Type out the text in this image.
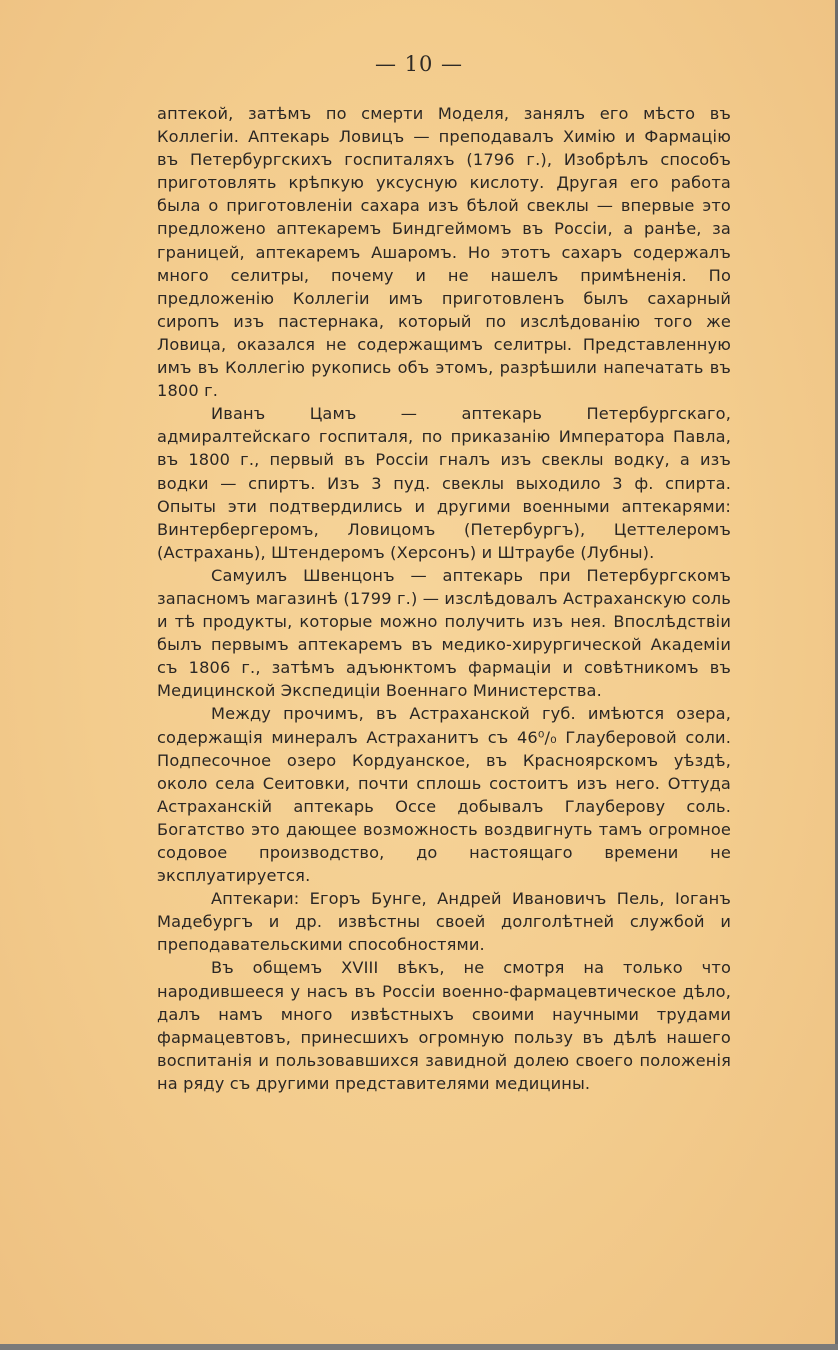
— 10 —

аптекой, затѣмъ по смерти Моделя, занялъ его мѣсто въ Коллегіи. Аптекарь Ловицъ — преподавалъ Химію и Фармацію въ Петербургскихъ госпиталяхъ (1796 г.), Изобрѣлъ способъ приготовлять крѣпкую уксусную кислоту. Другая его работа была о приготовленіи сахара изъ бѣлой свеклы — впервые это предложено аптекаремъ Биндгеймомъ въ Россіи, а ранѣе, за границей, аптекаремъ Ашаромъ. Но этотъ сахаръ содержалъ много селитры, почему и не нашелъ примѣненія. По предложенію Коллегіи имъ приготовленъ былъ сахарный сиропъ изъ пастернака, который по изслѣдованію того же Ловица, оказался не содержащимъ селитры. Представленную имъ въ Коллегію рукопись объ этомъ, разрѣшили напечатать въ 1800 г.

Иванъ Цамъ — аптекарь Петербургскаго, адмиралтейскаго госпиталя, по приказанію Императора Павла, въ 1800 г., первый въ Россіи гналъ изъ свеклы водку, а изъ водки — спиртъ. Изъ 3 пуд. свеклы выходило 3 ф. спирта. Опыты эти подтвердились и другими военными аптекарями: Винтербергеромъ, Ловицомъ (Петербургъ), Цеттелеромъ (Астрахань), Штендеромъ (Херсонъ) и Штраубе (Лубны).

Самуилъ Швенцонъ — аптекарь при Петербургскомъ запасномъ магазинѣ (1799 г.) — изслѣдовалъ Астраханскую соль и тѣ продукты, которые можно получить изъ нея. Впослѣдствіи былъ первымъ аптекаремъ въ медико-хирургической Академіи съ 1806 г., затѣмъ адъюнктомъ фармаціи и совѣтникомъ въ Медицинской Экспедиціи Военнаго Министерства.

Между прочимъ, въ Астраханской губ. имѣются озера, содержащія минералъ Астраханитъ съ 46⁰/₀ Глауберовой соли. Подпесочное озеро Кордуанское, въ Красноярскомъ уѣздѣ, около села Сеитовки, почти сплошь состоитъ изъ него. Оттуда Астраханскій аптекарь Оссе добывалъ Глауберову соль. Богатство это дающее возможность воздвигнуть тамъ огромное содовое производство, до настоящаго времени не эксплуатируется.

Аптекари: Егоръ Бунге, Андрей Ивановичъ Пель, Іоганъ Мадебургъ и др. извѣстны своей долголѣтней службой и преподавательскими способностями.

Въ общемъ XVIII вѣкъ, не смотря на только что народившееся у насъ въ Россіи военно-фармацевтическое дѣло, далъ намъ много извѣстныхъ своими научными трудами фармацевтовъ, принесшихъ огромную пользу въ дѣлѣ нашего воспитанія и пользовавшихся завидной долею своего положенія на ряду съ другими представителями медицины.
